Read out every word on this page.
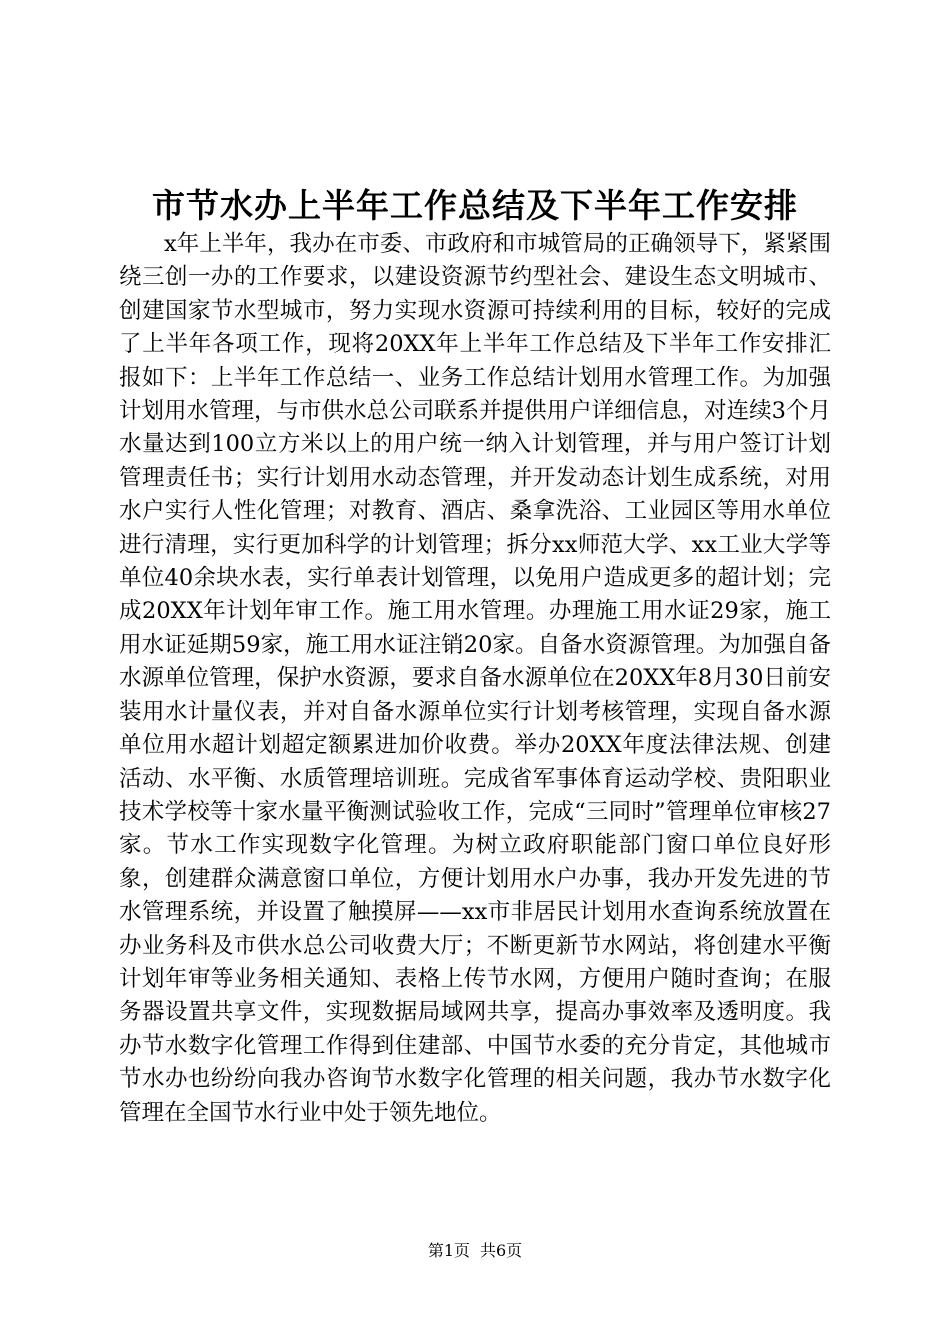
市节水办上半年工作总结及下半年工作安排

x年上半年，我办在市委、市政府和市城管局的正确领导下，紧紧围绕三创一办的工作要求，以建设资源节约型社会、建设生态文明城市、创建国家节水型城市，努力实现水资源可持续利用的目标，较好的完成了上半年各项工作，现将20XX年上半年工作总结及下半年工作安排汇报如下：上半年工作总结一、业务工作总结计划用水管理工作。为加强计划用水管理，与市供水总公司联系并提供用户详细信息，对连续3个月水量达到100立方米以上的用户统一纳入计划管理，并与用户签订计划管理责任书；实行计划用水动态管理，并开发动态计划生成系统，对用水户实行人性化管理；对教育、酒店、桑拿洗浴、工业园区等用水单位进行清理，实行更加科学的计划管理；拆分xx师范大学、xx工业大学等单位40余块水表，实行单表计划管理，以免用户造成更多的超计划；完成20XX年计划年审工作。施工用水管理。办理施工用水证29家，施工用水证延期59家，施工用水证注销20家。自备水资源管理。为加强自备水源单位管理，保护水资源，要求自备水源单位在20XX年8月30日前安装用水计量仪表，并对自备水源单位实行计划考核管理，实现自备水源单位用水超计划超定额累进加价收费。举办20XX年度法律法规、创建活动、水平衡、水质管理培训班。完成省军事体育运动学校、贵阳职业技术学校等十家水量平衡测试验收工作，完成“三同时”管理单位审核27家。节水工作实现数字化管理。为树立政府职能部门窗口单位良好形象，创建群众满意窗口单位，方便计划用水户办事，我办开发先进的节水管理系统，并设置了触摸屏——xx市非居民计划用水查询系统放置在办业务科及市供水总公司收费大厅；不断更新节水网站，将创建水平衡计划年审等业务相关通知、表格上传节水网，方便用户随时查询；在服务器设置共享文件，实现数据局域网共享，提高办事效率及透明度。我办节水数字化管理工作得到住建部、中国节水委的充分肯定，其他城市节水办也纷纷向我办咨询节水数字化管理的相关问题，我办节水数字化管理在全国节水行业中处于领先地位。

第1页 共6页
